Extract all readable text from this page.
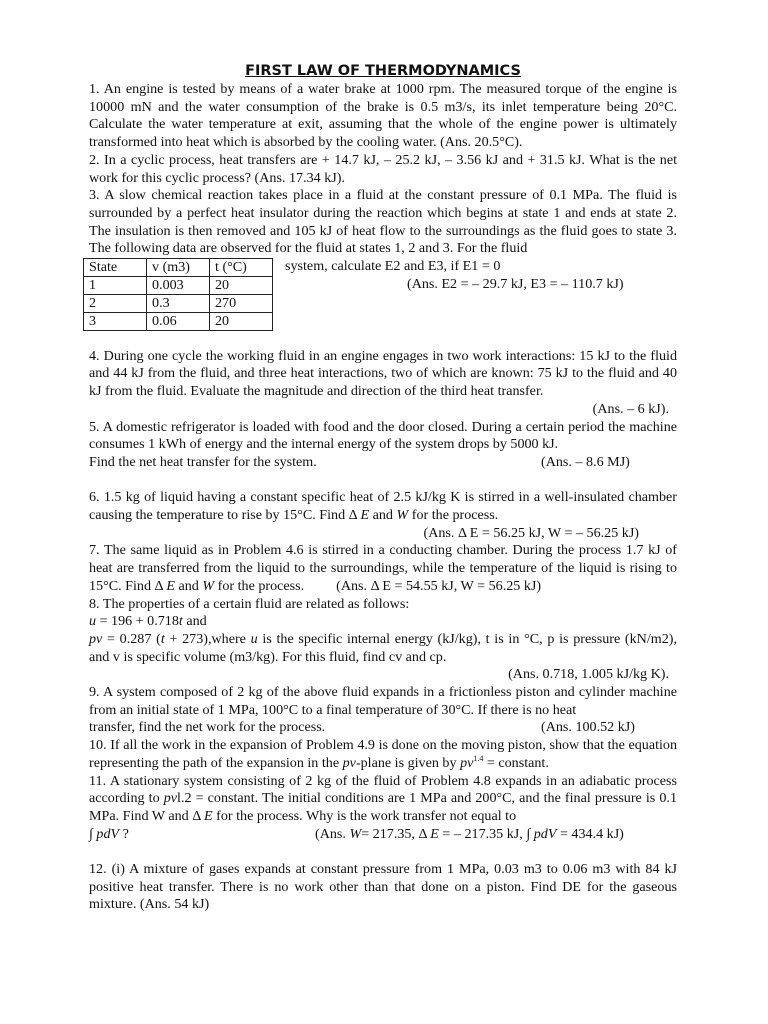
FIRST LAW OF THERMODYNAMICS

1. An engine is tested by means of a water brake at 1000 rpm. The measured torque of the engine is 10000 mN and the water consumption of the brake is 0.5 m3/s, its inlet temperature being 20°C. Calculate the water temperature at exit, assuming that the whole of the engine power is ultimately transformed into heat which is absorbed by the cooling water. (Ans. 20.5°C).

2. In a cyclic process, heat transfers are + 14.7 kJ, – 25.2 kJ, – 3.56 kJ and + 31.5 kJ. What is the net work for this cyclic process? (Ans. 17.34 kJ).

3. A slow chemical reaction takes place in a fluid at the constant pressure of 0.1 MPa. The fluid is surrounded by a perfect heat insulator during the reaction which begins at state 1 and ends at state 2. The insulation is then removed and 105 kJ of heat flow to the surroundings as the fluid goes to state 3. The following data are observed for the fluid at states 1, 2 and 3. For the fluid

State	v (m3)	t (°C)
1	0.003	20
2	0.3	270
3	0.06	20
system, calculate E2 and E3, if E1 = 0
(Ans. E2 = – 29.7 kJ, E3 = – 110.7 kJ)

4. During one cycle the working fluid in an engine engages in two work interactions: 15 kJ to the fluid and 44 kJ from the fluid, and three heat interactions, two of which are known: 75 kJ to the fluid and 40 kJ from the fluid. Evaluate the magnitude and direction of the third heat transfer.

(Ans. – 6 kJ).

5. A domestic refrigerator is loaded with food and the door closed. During a certain period the machine consumes 1 kWh of energy and the internal energy of the system drops by 5000 kJ.

Find the net heat transfer for the system.	(Ans. – 8.6 MJ)

6. 1.5 kg of liquid having a constant specific heat of 2.5 kJ/kg K is stirred in a well-insulated chamber causing the temperature to rise by 15°C. Find Δ E and W for the process.

(Ans. Δ E = 56.25 kJ, W = – 56.25 kJ)

7. The same liquid as in Problem 4.6 is stirred in a conducting chamber. During the process 1.7 kJ of heat are transferred from the liquid to the surroundings, while the temperature of the liquid is rising to 15°C. Find Δ E and W for the process. (Ans. Δ E = 54.55 kJ, W = 56.25 kJ)

8. The properties of a certain fluid are related as follows:

u = 196 + 0.718t and

pv = 0.287 (t + 273),where u is the specific internal energy (kJ/kg), t is in °C, p is pressure (kN/m2), and v is specific volume (m3/kg). For this fluid, find cv and cp.

(Ans. 0.718, 1.005 kJ/kg K).

9. A system composed of 2 kg of the above fluid expands in a frictionless piston and cylinder machine from an initial state of 1 MPa, 100°C to a final temperature of 30°C. If there is no heat

transfer, find the net work for the process.	(Ans. 100.52 kJ)

10. If all the work in the expansion of Problem 4.9 is done on the moving piston, show that the equation representing the path of the expansion in the pv-plane is given by $pv^{1.4}$ = constant.

11. A stationary system consisting of 2 kg of the fluid of Problem 4.8 expands in an adiabatic process according to pvl.2 = constant. The initial conditions are 1 MPa and 200°C, and the final pressure is 0.1 MPa. Find W and Δ E for the process. Why is the work transfer not equal to

∫ pdV ?	(Ans. W= 217.35, Δ E = – 217.35 kJ, ∫ pdV = 434.4 kJ)

12. (i) A mixture of gases expands at constant pressure from 1 MPa, 0.03 m3 to 0.06 m3 with 84 kJ positive heat transfer. There is no work other than that done on a piston. Find DE for the gaseous mixture. (Ans. 54 kJ)
